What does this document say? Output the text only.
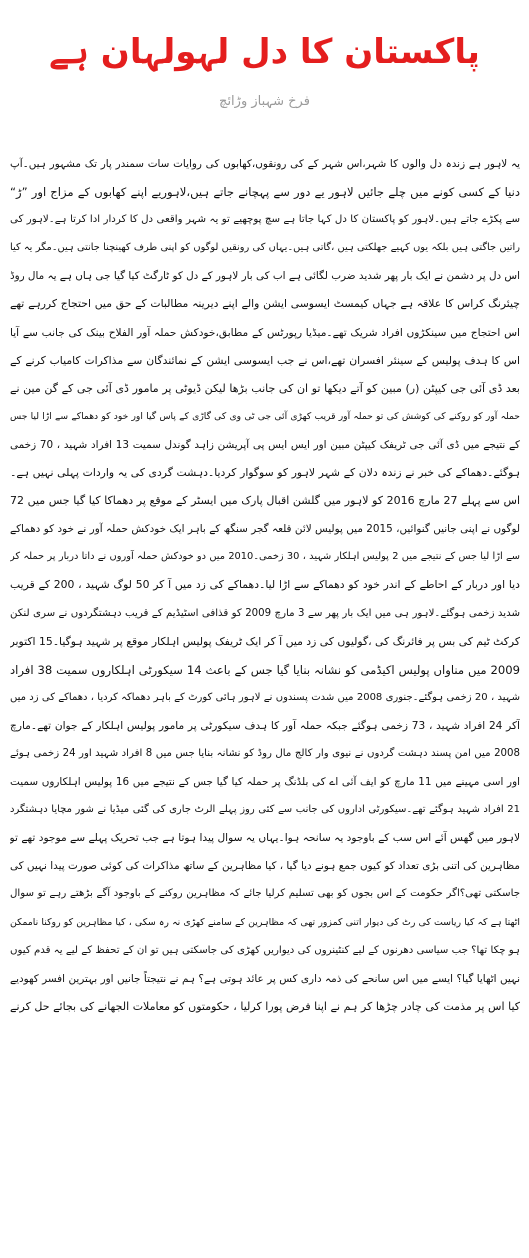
پاکستان کا دل لہولہان ہے
فرخ شہباز وڑائچ
یہ لاہور ہے زندہ دل والوں کا شہر،اس شہر کے کی رونقوں،کھابوں کی روایات سات سمندر پار تک مشہور ہیں۔آپ
دنیا کے کسی کونے میں چلے جائیں لاہور یے دور سے پہچانے جاتے ہیں،لاہوریے اپنے کھابوں کے مزاج اور ”ڑ“
سے پکڑے جاتے ہیں۔لاہور کو پاکستان کا دل کہا جاتا ہے سچ پوچھیے تو یہ شہر واقعی دل کا کردار ادا کرتا ہے۔لاہور کی
راتیں جاگتی ہیں بلکہ یوں کہیے جھلکتی ہیں ،گاتی ہیں۔یہاں کی رونقیں لوگوں کو اپنی طرف کھینچنا جانتی ہیں۔مگر یہ کیا
اس دل پر دشمن نے ایک بار پھر شدید ضرب لگائی ہے اب کی بار لاہور کے دل کو ٹارگٹ کیا گیا جی ہاں ہے یہ مال روڈ
چیئرنگ کراس کا علاقہ ہے جہاں کیمسٹ ایسوسی ایشن والے اپنے دیرینہ مطالبات کے حق میں احتجاج کررہے تھے
اس احتجاج میں سینکڑوں افراد شریک تھے۔میڈیا رپورٹس کے مطابق،خودکش حملہ آور الفلاح بینک کی جانب سے آیا
اس کا ہدف پولیس کے سینئر افسران تھے،اس نے جب ایسوسی ایشن کے نمائندگان سے مذاکرات کامیاب کرنے کے
بعد ڈی آئی جی کیپٹن (ر) مبین کو آتے دیکھا تو ان کی جانب بڑھا لیکن ڈیوٹی پر مامور ڈی آئی جی کے گن مین نے
حملہ آور کو روکنے کی کوشش کی تو حملہ آور قریب کھڑی آئی جی ٹی وی کی گاڑی کے پاس گیا اور خود کو دھماکے سے اڑا لیا جس
کے نتیجے میں ڈی آئی جی ٹریفک کیپٹن مبین اور ایس ایس پی آپریشن زاہد گوندل سمیت 13 افراد شہید ، 70 زخمی
ہوگئے۔دھماکے کی خبر نے زندہ دلان کے شہر لاہور کو سوگوار کردیا۔دہشت گردی کی یہ واردات پہلی نہیں ہے۔
اس سے پہلے 27 مارچ 2016 کو لاہور میں گلشن اقبال پارک میں ایسٹر کے موقع پر دھماکا کیا گیا جس میں 72
لوگوں نے اپنی جانیں گنوائیں، 2015 میں پولیس لائن قلعہ گجر سنگھ کے باہر ایک خودکش حملہ آور نے خود کو دھماکے
سے اڑا لیا جس کے نتیجے میں 2 پولیس اہلکار شہید ، 30 زخمی۔2010 میں دو خودکش حملہ آوروں نے داتا دربار پر حملہ کر
دیا اور دربار کے احاطے کے اندر خود کو دھماکے سے اڑا لیا۔دھماکے کی زد میں آ کر 50 لوگ شہید ، 200 کے قریب
شدید زخمی ہوگئے۔لاہور ہی میں ایک بار پھر سے 3 مارچ 2009 کو قذافی اسٹیڈیم کے قریب دہشتگردوں نے سری لنکن
کرکٹ ٹیم کی بس پر فائرنگ کی ،گولیوں کی زد میں آ کر ایک ٹریفک پولیس اہلکار موقع پر شہید ہوگیا۔15 اکتوبر
2009 میں مناواں پولیس اکیڈمی کو نشانہ بنایا گیا جس کے باعث 14 سیکورٹی اہلکاروں سمیت 38 افراد
شہید ، 20 زخمی ہوگئے۔جنوری 2008 میں شدت پسندوں نے لاہور ہائی کورٹ کے باہر دھماکہ کردیا ، دھماکے کی زد میں
آکر 24 افراد شہید ، 73 زخمی ہوگئے جبکہ حملہ آور کا ہدف سیکورٹی پر مامور پولیس اہلکار کے جوان تھے۔مارچ
2008 میں امن پسند دہشت گردوں نے نیوی وار کالج مال روڈ کو نشانہ بنایا جس میں 8 افراد شہید اور 24 زخمی ہوئے
اور اسی مہینے میں 11 مارچ کو ایف آئی اے کی بلڈنگ پر حملہ کیا گیا جس کے نتیجے میں 16 پولیس اہلکاروں سمیت
21 افراد شہید ہوگئے تھے۔سیکورٹی اداروں کی جانب سے کئی روز پہلے الرٹ جاری کی گئی میڈیا نے شور مچایا دہشتگرد
لاہور میں گھس آئے اس سب کے باوجود یہ سانحہ ہوا۔یہاں یہ سوال پیدا ہوتا ہے جب تحریک پہلے سے موجود تھے تو
مظاہرین کی اتنی بڑی تعداد کو کیوں جمع ہونے دیا گیا ، کیا مظاہرین کے ساتھ مذاکرات کی کوئی صورت پیدا نہیں کی
جاسکتی تھی؟اگر حکومت کے اس بجوں کو بھی تسلیم کرلیا جائے کہ مظاہرین روکنے کے باوجود آگے بڑھتے رہے تو سوال
اٹھتا ہے کہ کیا ریاست کی رٹ کی دیوار اتنی کمزور تھی کہ مظاہرین کے سامنے کھڑی نہ رہ سکی ، کیا مظاہرین کو روکنا ناممکن
ہو چکا تھا؟ جب سیاسی دھرنوں کے لیے کنٹینروں کی دیواریں کھڑی کی جاسکتی ہیں تو ان کے تحفظ کے لیے یہ قدم کیوں
نہیں اٹھایا گیا؟ ایسے میں اس سانحے کی ذمہ داری کس پر عائد ہوتی ہے؟ ہم نے نتیجتاً جانیں اور بہترین افسر کھودیے
کیا اس پر مذمت کی چادر چڑھا کر ہم نے اپنا فرض پورا کرلیا ، حکومتوں کو معاملات الجھانے کی بجائے حل کرنے
